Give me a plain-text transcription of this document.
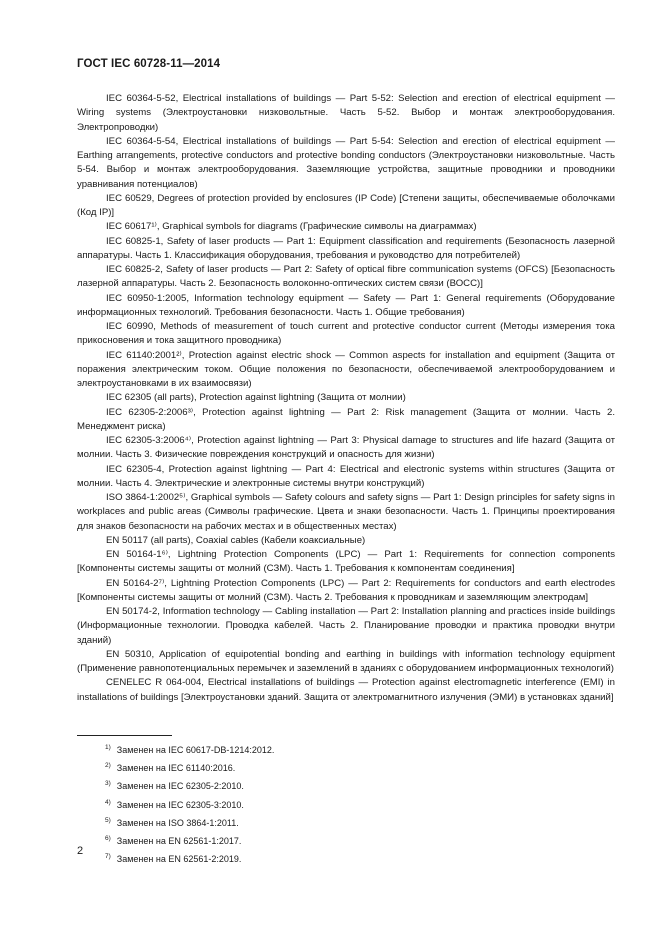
ГОСТ IEC 60728-11—2014

IEC 60364-5-52, Electrical installations of buildings — Part 5-52: Selection and erection of electrical equipment — Wiring systems (Электроустановки низковольтные. Часть 5-52. Выбор и монтаж электрооборудования. Электропроводки)

IEC 60364-5-54, Electrical installations of buildings — Part 5-54: Selection and erection of electrical equipment — Earthing arrangements, protective conductors and protective bonding conductors (Электроустановки низковольтные. Часть 5-54. Выбор и монтаж электрооборудования. Заземляющие устройства, защитные проводники и проводники уравнивания потенциалов)

IEC 60529, Degrees of protection provided by enclosures (IP Code) [Степени защиты, обеспечиваемые оболочками (Код IP)]

IEC 60617¹⁾, Graphical symbols for diagrams (Графические символы на диаграммах)

IEC 60825-1, Safety of laser products — Part 1: Equipment classification and requirements (Безопасность лазерной аппаратуры. Часть 1. Классификация оборудования, требования и руководство для потребителей)

IEC 60825-2, Safety of laser products — Part 2: Safety of optical fibre communication systems (OFCS) [Безопасность лазерной аппаратуры. Часть 2. Безопасность волоконно-оптических систем связи (ВОСС)]

IEC 60950-1:2005, Information technology equipment — Safety — Part 1: General requirements (Оборудование информационных технологий. Требования безопасности. Часть 1. Общие требования)

IEC 60990, Methods of measurement of touch current and protective conductor current (Методы измерения тока прикосновения и тока защитного проводника)

IEC 61140:2001²⁾, Protection against electric shock — Common aspects for installation and equipment (Защита от поражения электрическим током. Общие положения по безопасности, обеспечиваемой электрооборудованием и электроустановками в их взаимосвязи)

IEC 62305 (all parts), Protection against lightning (Защита от молнии)

IEC 62305-2:2006³⁾, Protection against lightning — Part 2: Risk management (Защита от молнии. Часть 2. Менеджмент риска)

IEC 62305-3:2006⁴⁾, Protection against lightning — Part 3: Physical damage to structures and life hazard (Защита от молнии. Часть 3. Физические повреждения конструкций и опасность для жизни)

IEC 62305-4, Protection against lightning — Part 4: Electrical and electronic systems within structures (Защита от молнии. Часть 4. Электрические и электронные системы внутри конструкций)

ISO 3864-1:2002⁵⁾, Graphical symbols — Safety colours and safety signs — Part 1: Design principles for safety signs in workplaces and public areas (Символы графические. Цвета и знаки безопасности. Часть 1. Принципы проектирования для знаков безопасности на рабочих местах и в общественных местах)

EN 50117 (all parts), Coaxial cables (Кабели коаксиальные)

EN 50164-1⁶⁾, Lightning Protection Components (LPC) — Part 1: Requirements for connection components [Компоненты системы защиты от молний (СЗМ). Часть 1. Требования к компонентам соединения]

EN 50164-2⁷⁾, Lightning Protection Components (LPC) — Part 2: Requirements for conductors and earth electrodes [Компоненты системы защиты от молний (СЗМ). Часть 2. Требования к проводникам и заземляющим электродам]

EN 50174-2, Information technology — Cabling installation — Part 2: Installation planning and practices inside buildings (Информационные технологии. Проводка кабелей. Часть 2. Планирование проводки и практика проводки внутри зданий)

EN 50310, Application of equipotential bonding and earthing in buildings with information technology equipment (Применение равнопотенциальных перемычек и заземлений в зданиях с оборудованием информационных технологий)

CENELEC R 064-004, Electrical installations of buildings — Protection against electromagnetic interference (EMI) in installations of buildings [Электроустановки зданий. Защита от электромагнитного излучения (ЭМИ) в установках зданий]

$^{1)}$ Заменен на IEC 60617-DB-1214:2012.

$^{2)}$ Заменен на IEC 61140:2016.

$^{3)}$ Заменен на IEC 62305-2:2010.

$^{4)}$ Заменен на IEC 62305-3:2010.

$^{5)}$ Заменен на ISO 3864-1:2011.

$^{6)}$ Заменен на EN 62561-1:2017.

$^{7)}$ Заменен на EN 62561-2:2019.

2
